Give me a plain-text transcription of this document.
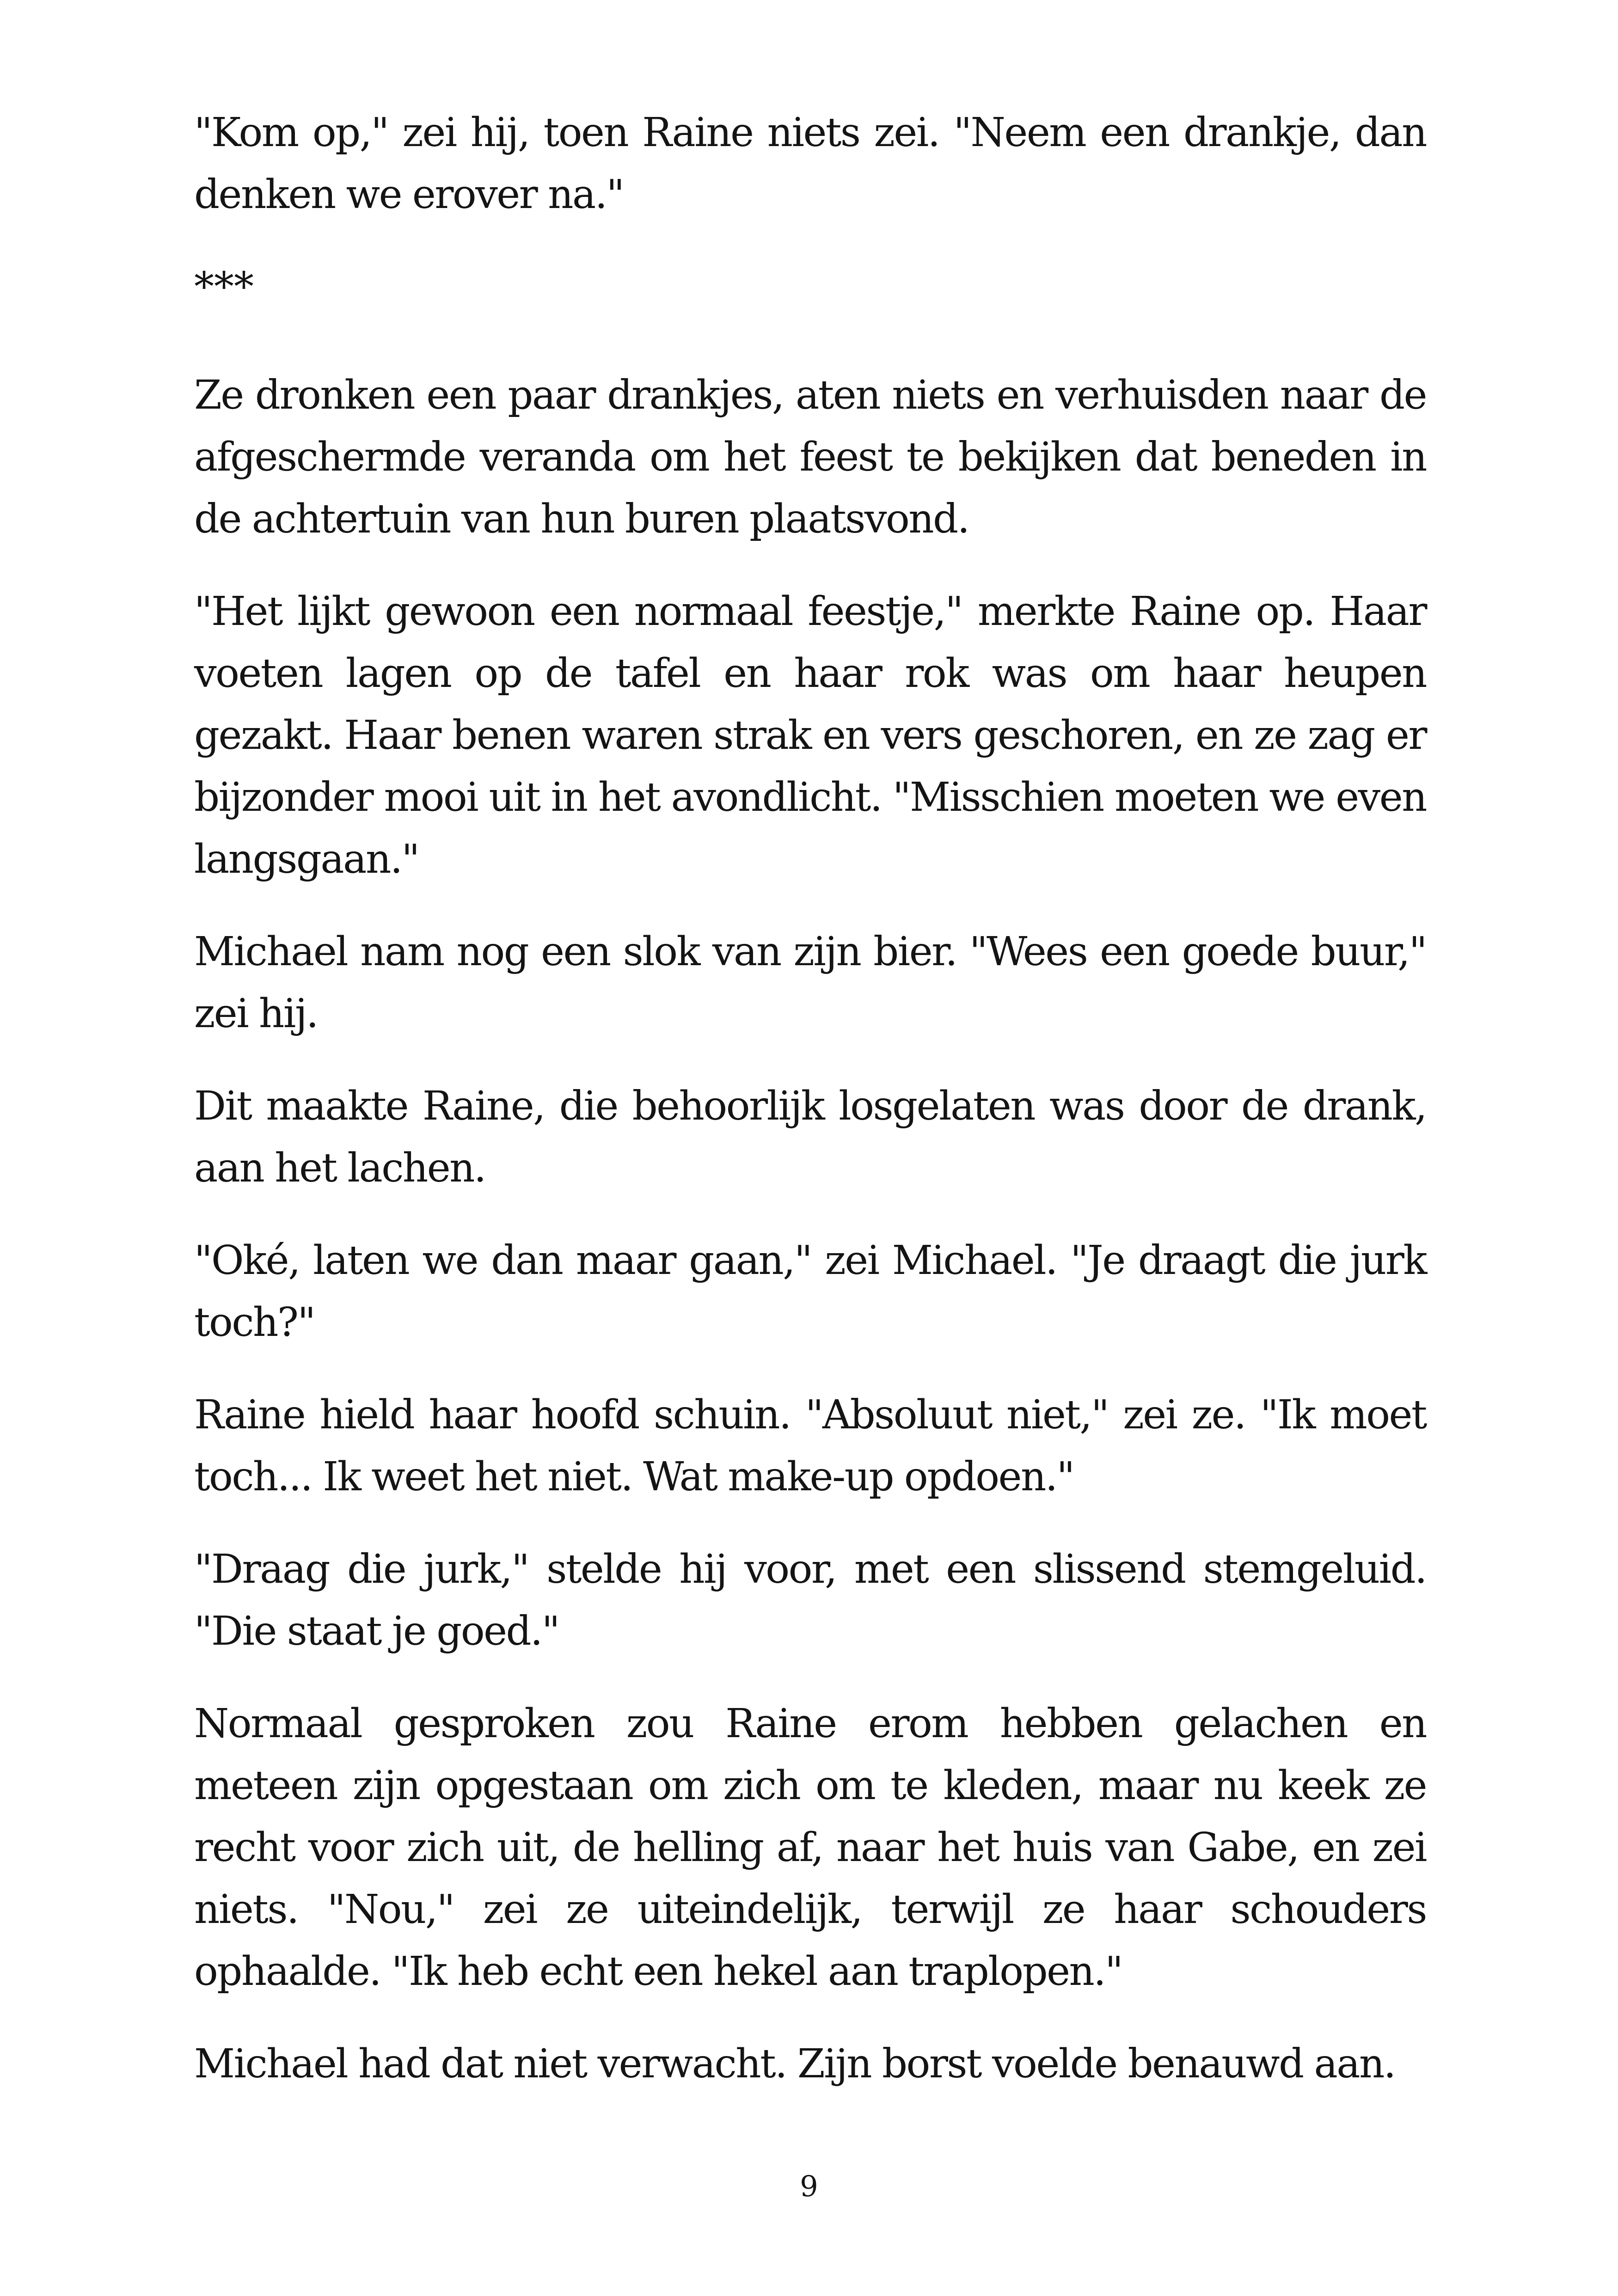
"Kom op," zei hij, toen Raine niets zei. "Neem een drankje, dan denken we erover na."

***

Ze dronken een paar drankjes, aten niets en verhuisden naar de afgeschermde veranda om het feest te bekijken dat beneden in de achtertuin van hun buren plaatsvond.

"Het lijkt gewoon een normaal feestje," merkte Raine op. Haar voeten lagen op de tafel en haar rok was om haar heupen gezakt. Haar benen waren strak en vers geschoren, en ze zag er bijzonder mooi uit in het avondlicht. "Misschien moeten we even langsgaan."

Michael nam nog een slok van zijn bier. "Wees een goede buur," zei hij.

Dit maakte Raine, die behoorlijk losgelaten was door de drank, aan het lachen.

"Oké, laten we dan maar gaan," zei Michael. "Je draagt die jurk toch?"

Raine hield haar hoofd schuin. "Absoluut niet," zei ze. "Ik moet toch... Ik weet het niet. Wat make-up opdoen."

"Draag die jurk," stelde hij voor, met een slissend stemgeluid. "Die staat je goed."

Normaal gesproken zou Raine erom hebben gelachen en meteen zijn opgestaan om zich om te kleden, maar nu keek ze recht voor zich uit, de helling af, naar het huis van Gabe, en zei niets. "Nou," zei ze uiteindelijk, terwijl ze haar schouders ophaalde. "Ik heb echt een hekel aan traplopen."

Michael had dat niet verwacht. Zijn borst voelde benauwd aan.

9
